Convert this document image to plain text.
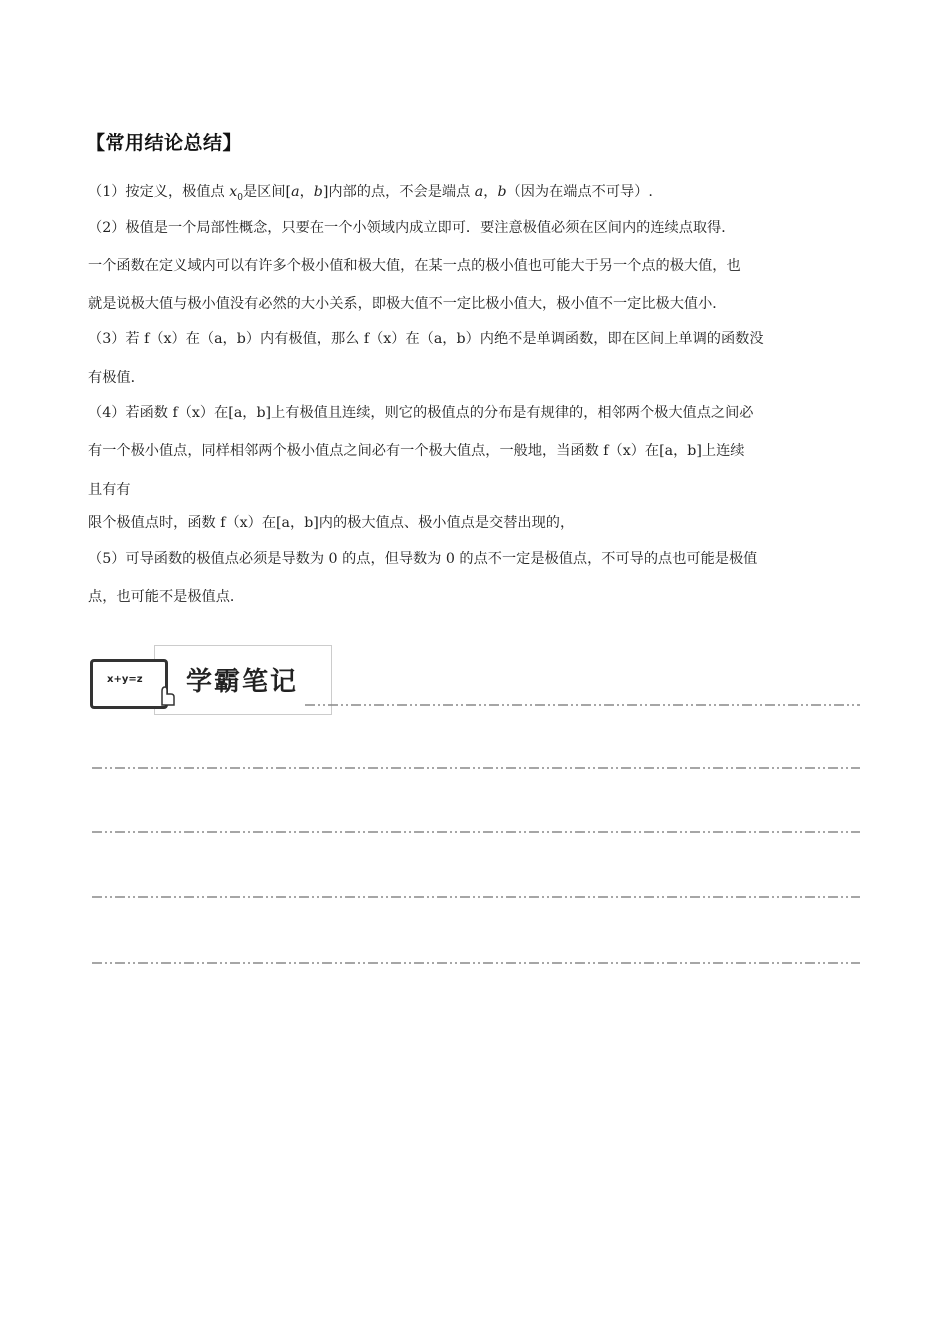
【常用结论总结】
（1）按定义，极值点 $x_0$是区间[a，b]内部的点，不会是端点 a，b（因为在端点不可导）.
（2）极值是一个局部性概念，只要在一个小领域内成立即可．要注意极值必须在区间内的连续点取得．
一个函数在定义域内可以有许多个极小值和极大值，在某一点的极小值也可能大于另一个点的极大值，也
就是说极大值与极小值没有必然的大小关系，即极大值不一定比极小值大，极小值不一定比极大值小．
（3）若 f（x）在（a，b）内有极值，那么 f（x）在（a，b）内绝不是单调函数，即在区间上单调的函数没
有极值．
（4）若函数 f（x）在[a，b]上有极值且连续，则它的极值点的分布是有规律的，相邻两个极大值点之间必
有一个极小值点，同样相邻两个极小值点之间必有一个极大值点，一般地，当函数 f（x）在[a，b]上连续
且有有
限个极值点时，函数 f（x）在[a，b]内的极大值点、极小值点是交替出现的，
（5）可导函数的极值点必须是导数为 0 的点，但导数为 0 的点不一定是极值点，不可导的点也可能是极值
点，也可能不是极值点．
x+y=z 学霸笔记
